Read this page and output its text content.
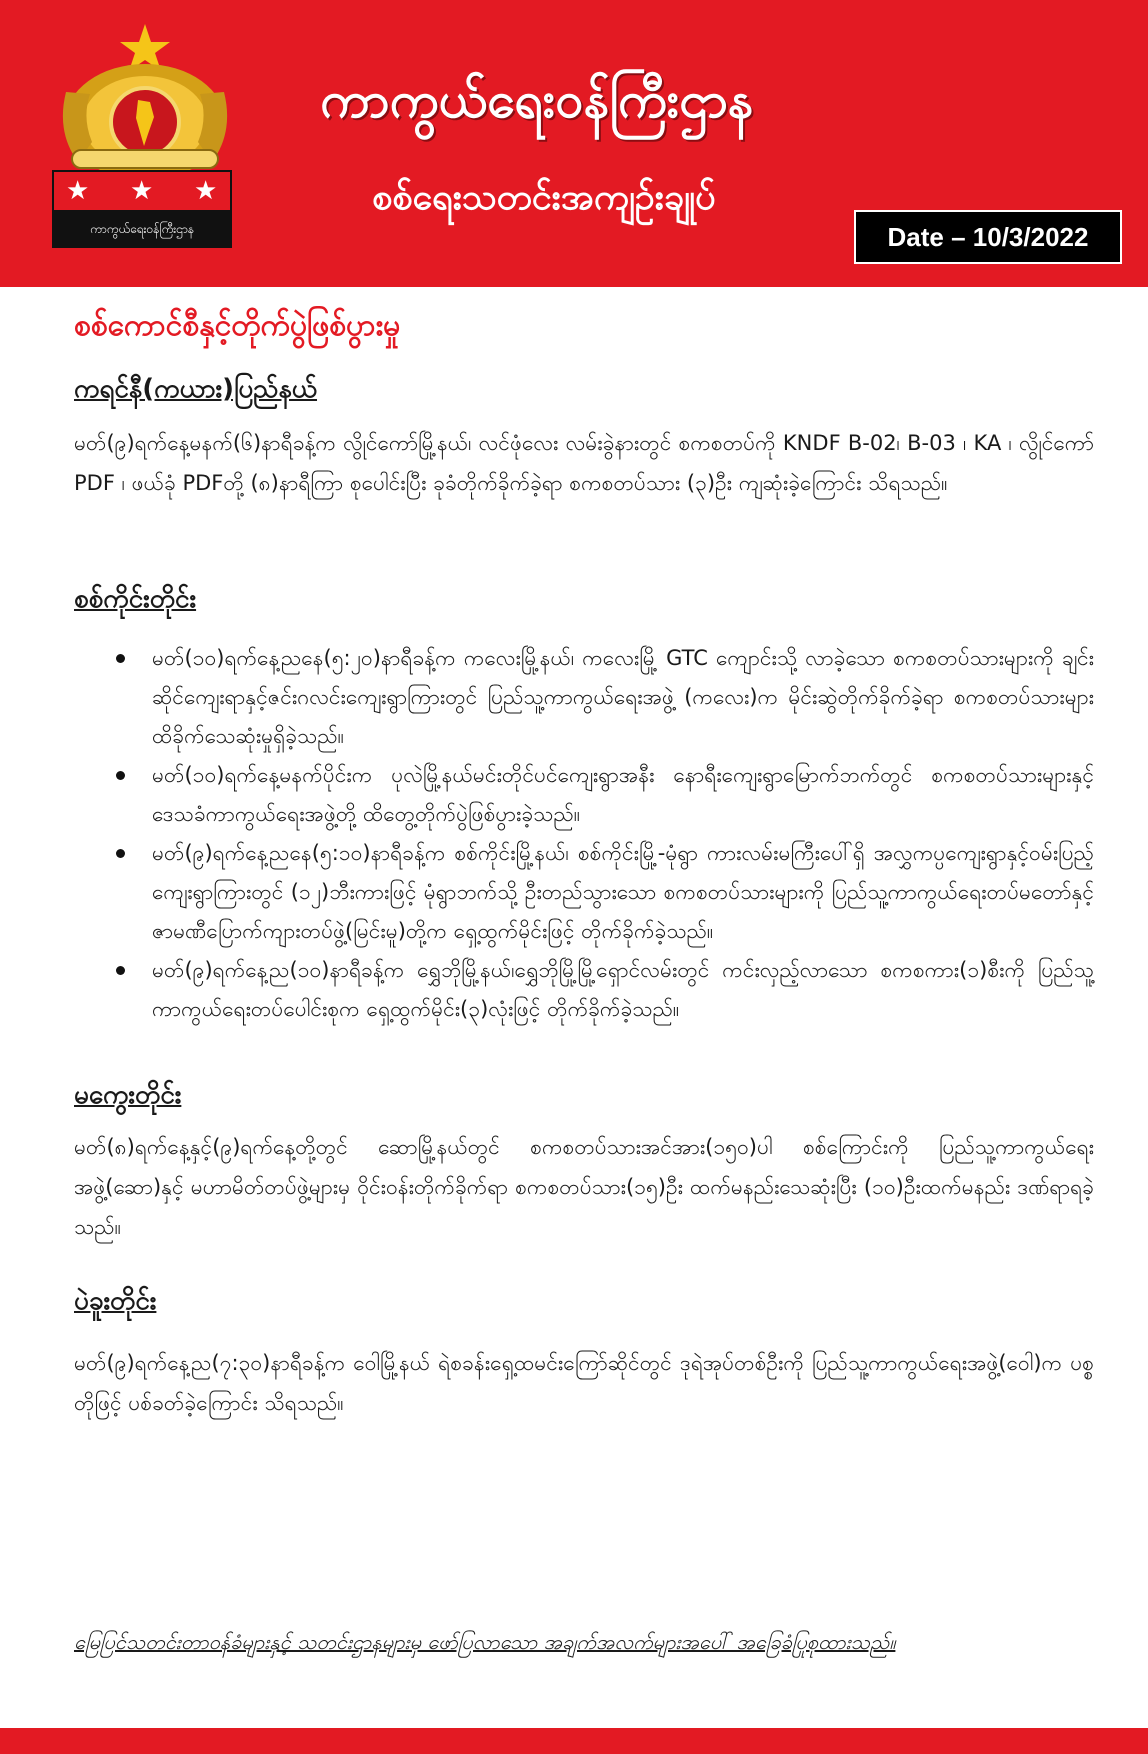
★ ★ ★
ကာကွယ်ရေးဝန်ကြီးဌာန
ကာကွယ်ရေးဝန်ကြီးဌာန
စစ်ရေးသတင်းအကျဉ်းချုပ်
Date – 10/3/2022
စစ်ကောင်စီနှင့်တိုက်ပွဲဖြစ်ပွားမှု
ကရင်နီ(ကယား)ပြည်နယ်
မတ်(၉)ရက်နေ့မနက်(၆)နာရီခန့်က လွိုင်ကော်မြို့နယ်၊ လင်ဖုံလေး လမ်းခွဲနားတွင် စကစတပ်ကို KNDF B-02၊ B-03 ၊ KA ၊ လွိုင်ကော် PDF ၊ ဖယ်ခုံ PDFတို့ (၈)နာရီကြာ စုပေါင်းပြီး ခုခံတိုက်ခိုက်ခဲ့ရာ စကစတပ်သား (၃)ဦး ကျဆုံးခဲ့ကြောင်း သိရသည်။
စစ်ကိုင်းတိုင်း
မတ်(၁၀)ရက်နေ့ညနေ(၅:၂၀)နာရီခန့်က ကလေးမြို့နယ်၊ ကလေးမြို့ GTC ကျောင်းသို့ လာခဲ့သော စကစတပ်သားများကို ချင်းဆိုင်ကျေးရာနှင့်ဇင်းဂလင်းကျေးရွာကြားတွင် ပြည်သူ့ကာကွယ်ရေးအဖွဲ့ (ကလေး)က မိုင်းဆွဲတိုက်ခိုက်ခဲ့ရာ စကစတပ်သားများ ထိခိုက်သေဆုံးမှုရှိခဲ့သည်။
မတ်(၁၀)ရက်နေ့မနက်ပိုင်းက ပုလဲမြို့နယ်မင်းတိုင်ပင်ကျေးရွာအနီး နောရီးကျေးရွာမြောက်ဘက်တွင် စကစတပ်သားများနှင့်ဒေသခံကာကွယ်ရေးအဖွဲ့တို့ ထိတွေ့တိုက်ပွဲဖြစ်ပွားခဲ့သည်။
မတ်(၉)ရက်နေ့ညနေ(၅:၁၀)နာရီခန့်က စစ်ကိုင်းမြို့နယ်၊ စစ်ကိုင်းမြို့-မုံရွာ ကားလမ်းမကြီးပေါ်ရှိ အလွှကပ္ပကျေးရွာနှင့်ဝမ်းပြည့်ကျေးရွာကြားတွင် (၁၂)ဘီးကားဖြင့် မုံရွာဘက်သို့ ဦးတည်သွားသော စကစတပ်သားများကို ပြည်သူ့ကာကွယ်ရေးတပ်မတော်နှင့်ဇာမဏီပြောက်ကျားတပ်ဖွဲ့(မြင်းမူ)တို့က ရှေ့ထွက်မိုင်းဖြင့် တိုက်ခိုက်ခဲ့သည်။
မတ်(၉)ရက်နေ့ည(၁၀)နာရီခန့်က ရွှေဘိုမြို့နယ်၊ရွှေဘိုမြို့မြို့ရှောင်လမ်းတွင် ကင်းလှည့်လာသော စကစကား(၁)စီးကို ပြည်သူ့ကာကွယ်ရေးတပ်ပေါင်းစုက ရှေ့ထွက်မိုင်း(၃)လုံးဖြင့် တိုက်ခိုက်ခဲ့သည်။
မကွေးတိုင်း
မတ်(၈)ရက်နေ့နှင့်(၉)ရက်နေ့တို့တွင် ဆောမြို့နယ်တွင် စကစတပ်သားအင်အား(၁၅၀)ပါ စစ်ကြောင်းကို ပြည်သူ့ကာကွယ်ရေးအဖွဲ့(ဆော)နှင့် မဟာမိတ်တပ်ဖွဲ့များမှ ဝိုင်းဝန်းတိုက်ခိုက်ရာ စကစတပ်သား(၁၅)ဦး ထက်မနည်းသေဆုံးပြီး (၁၀)ဦးထက်မနည်း ဒဏ်ရာရခဲ့သည်။
ပဲခူးတိုင်း
မတ်(၉)ရက်နေ့ည(၇:၃၀)နာရီခန့်က ဝေါမြို့နယ် ရဲစခန်းရှေ့ထမင်းကြော်ဆိုင်တွင် ဒုရဲအုပ်တစ်ဦးကို ပြည်သူ့ကာကွယ်ရေးအဖွဲ့(ဝေါ)က ပစ္စတိုဖြင့် ပစ်ခတ်ခဲ့ကြောင်း သိရသည်။
မြေပြင်သတင်းတာဝန်ခံများနှင့် သတင်းဌာနများမှ ဖော်ပြလာသော အချက်အလက်များအပေါ် အခြေခံပြုစုထားသည်။
